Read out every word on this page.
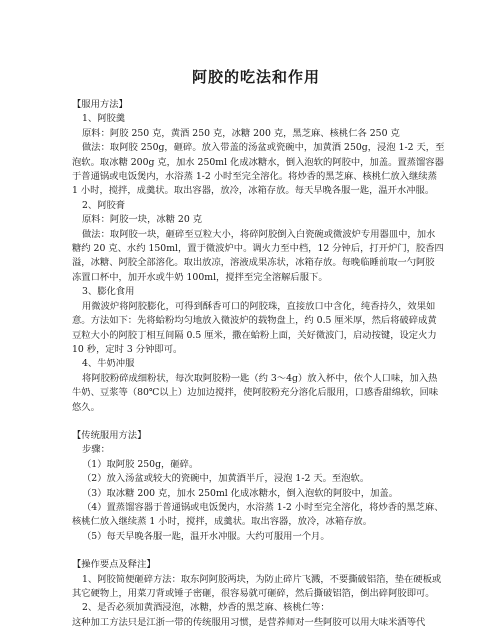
阿胶的吃法和作用

【服用方法】

1、阿胶羹

原料：阿胶 250 克，黄酒 250 克，冰糖 200 克，黑芝麻、核桃仁各 250 克

做法：取阿胶 250g，砸碎。放入带盖的汤盆或瓷碗中，加黄酒 250g，浸泡 1-2 天，至

泡软。取冰糖 200g 克，加水 250ml 化成冰糖水，倒入泡软的阿胶中，加盖。置蒸馏容器

于普通锅或电饭煲内，水浴蒸 1-2 小时至完全溶化。将炒香的黑芝麻、核桃仁放入继续蒸

1 小时，搅拌，成羹状。取出容器，放冷，冰箱存放。每天早晚各服一匙，温开水冲服。

2、阿胶膏

原料：阿胶一块，冰糖 20 克

做法：取阿胶一块，砸碎至豆粒大小，将碎阿胶倒入白瓷碗或微波炉专用器皿中，加水

糖约 20 克、水约 150ml，置于微波炉中。调火力至中档，12 分钟后，打开炉门，胶香四

溢，冰糖、阿胶全部溶化。取出放凉，溶液成果冻状，冰箱存放。每晚临睡前取一勺阿胶

冻置口杯中，加开水或牛奶 100ml，搅拌至完全溶解后服下。

3、膨化食用

用微波炉将阿胶膨化，可得到酥香可口的阿胶珠，直接放口中含化，纯香持久，效果如

意。方法如下：先将蛤粉均匀地放入微波炉的载物盘上，约 0.5 厘米厚，然后将破碎成黄

豆粒大小的阿胶丁相互间隔 0.5 厘米，撒在蛤粉上面，关好微波门，启动按键，设定火力

10 秒，定时 3 分钟即可。

4、牛奶冲服

将阿胶粉碎成细粉状，每次取阿胶粉一匙（约 3～4g）放入杯中，依个人口味，加入热

牛奶、豆浆等（80℃以上）边加边搅拌，使阿胶粉充分溶化后服用，口感香甜绵软，回味

悠久。

【传统服用方法】

步骤：

（1）取阿胶 250g，砸碎。

（2）放入汤盆或较大的瓷碗中，加黄酒半斤，浸泡 1-2 天。至泡软。

（3）取冰糖 200 克，加水 250ml 化成冰糖水，倒入泡软的阿胶中，加盖。

（4）置蒸馏容器于普通锅或电饭煲内，水浴蒸 1-2 小时至完全溶化，将炒香的黑芝麻、

核桃仁放入继续蒸 1 小时，搅拌，成羹状。取出容器，放冷，冰箱存放。

（5）每天早晚各服一匙，温开水冲服。大约可服用一个月。

【操作要点及释注】

1、阿胶简便砸碎方法：取东阿阿胶两块，为防止碎片飞溅，不要撕破铝箔，垫在硬板或

其它硬物上，用菜刀背或锤子密砸，很容易就可砸碎，然后撕破铝箔，倒出碎阿胶即可。

2、是否必须加黄酒浸泡，冰糖，炒香的黑芝麻、核桃仁等：

这种加工方法只是江浙一带的传统服用习惯，是营养师对一些阿胶可以用大味米酒等代
